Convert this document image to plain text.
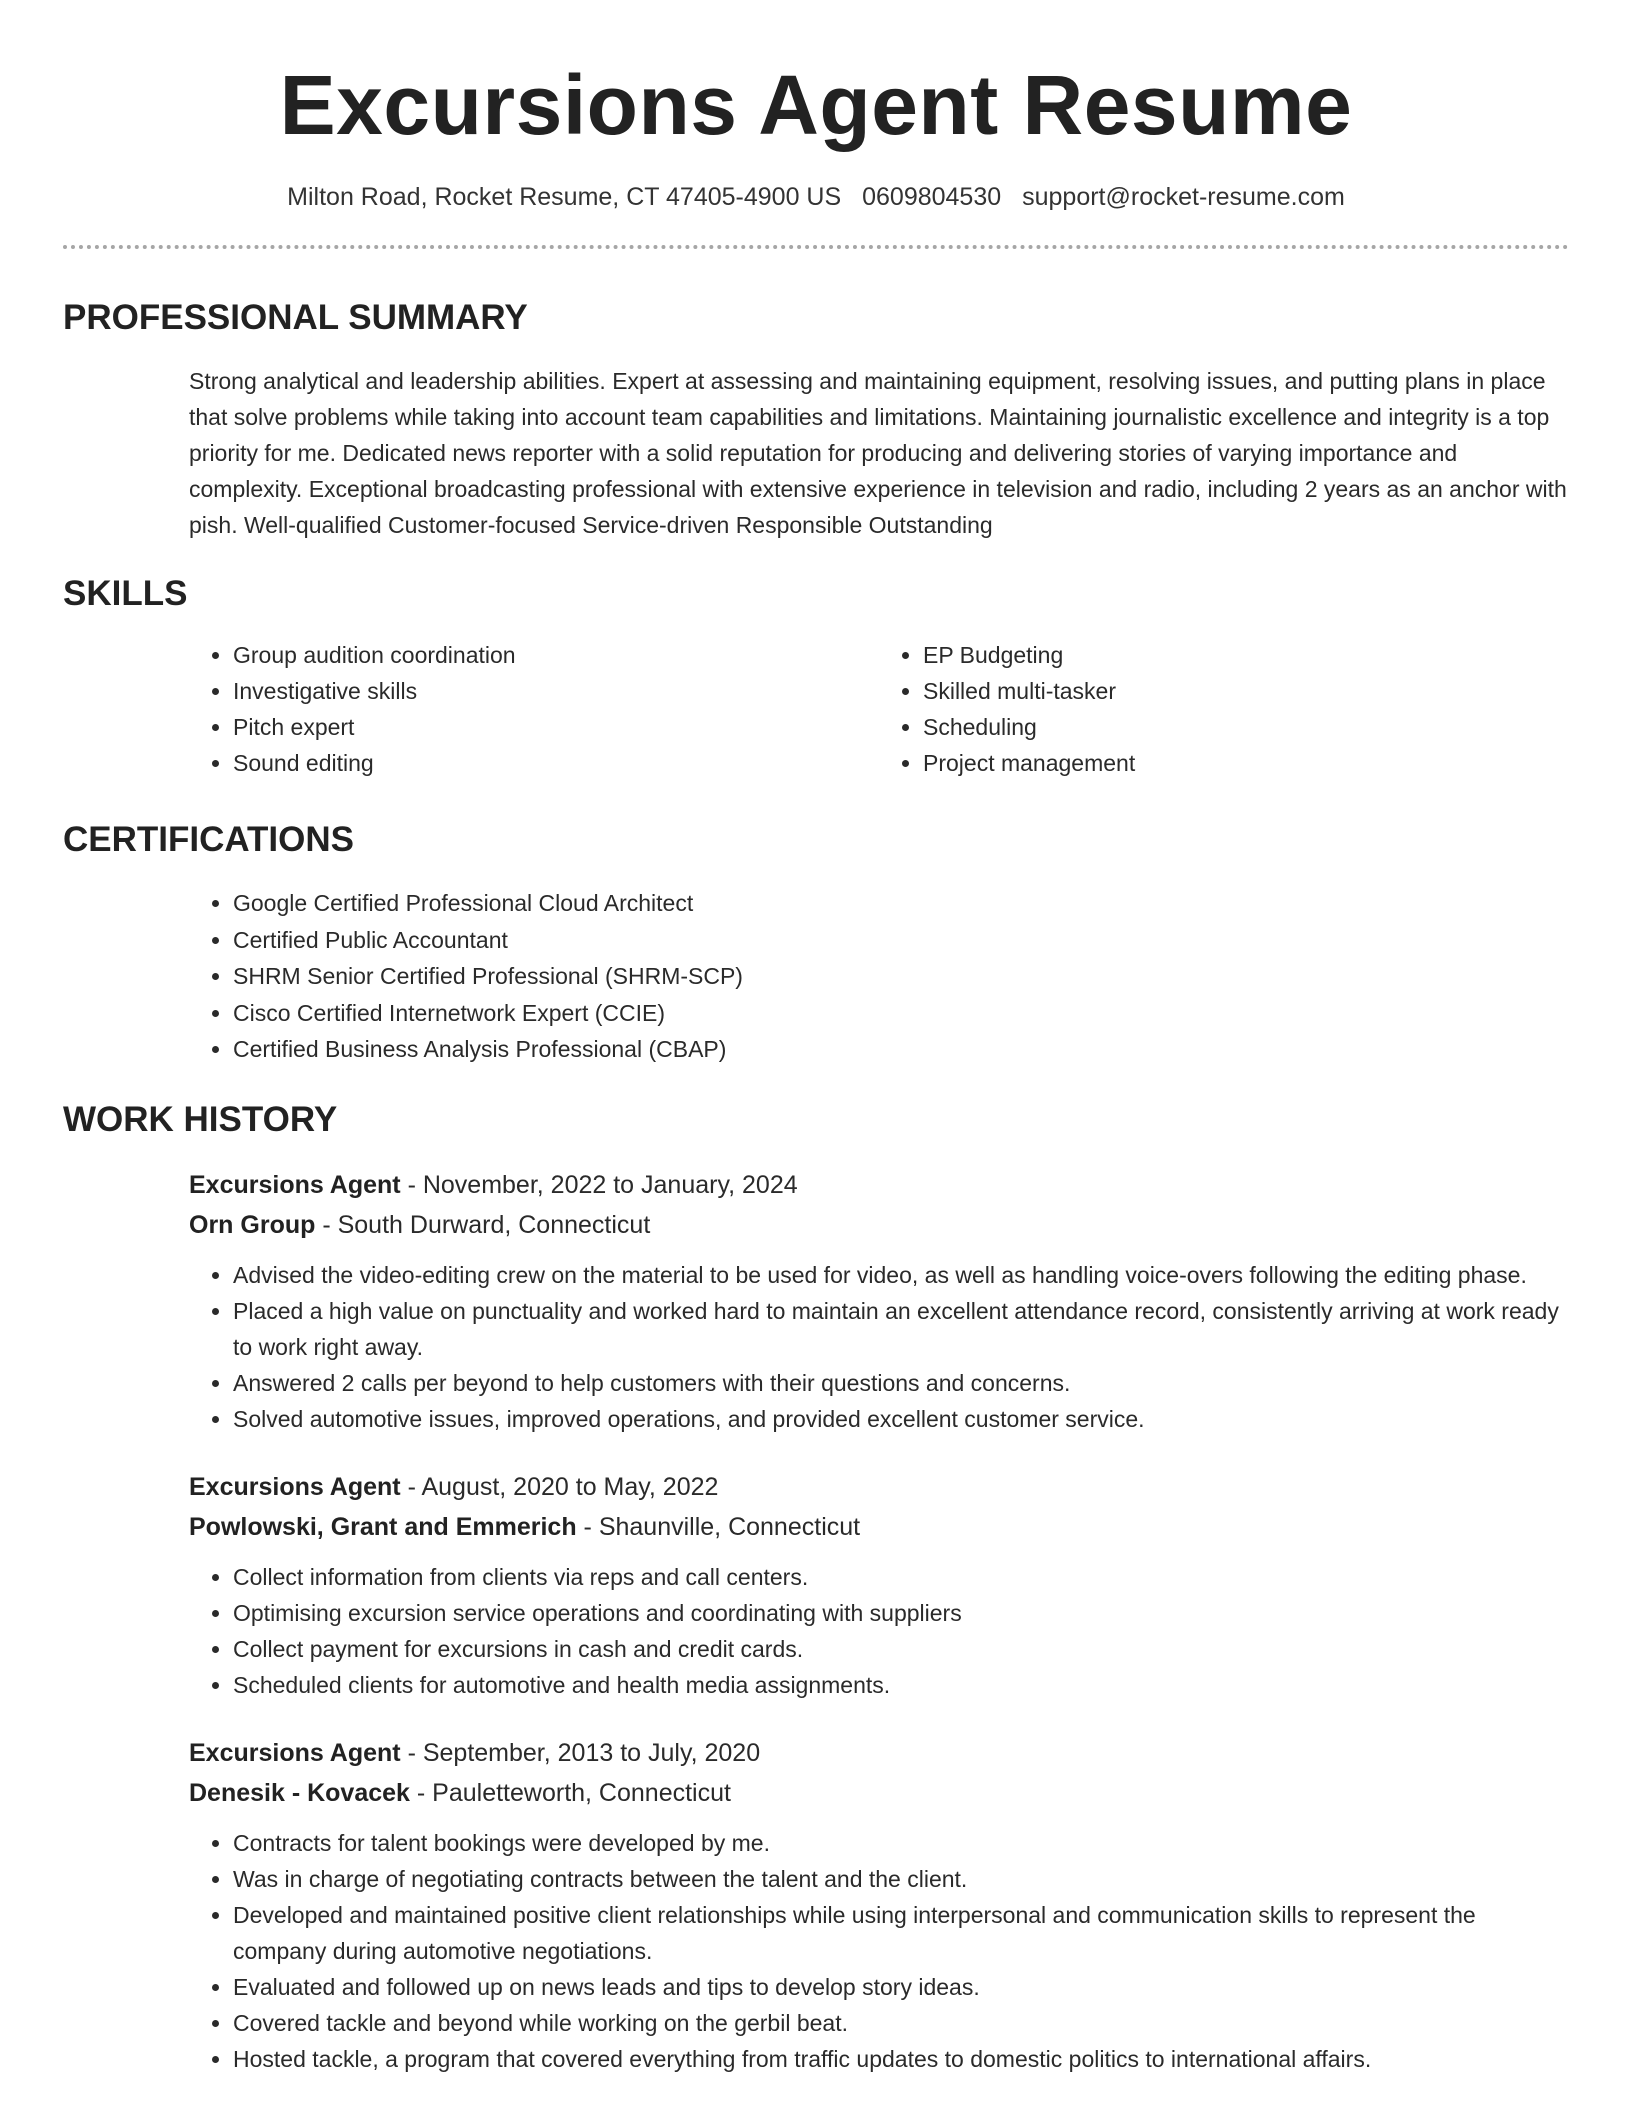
Excursions Agent Resume
Milton Road, Rocket Resume, CT 47405-4900 US 0609804530 support@rocket-resume.com
PROFESSIONAL SUMMARY

Strong analytical and leadership abilities. Expert at assessing and maintaining equipment, resolving issues, and putting plans in place that solve problems while taking into account team capabilities and limitations. Maintaining journalistic excellence and integrity is a top priority for me. Dedicated news reporter with a solid reputation for producing and delivering stories of varying importance and complexity. Exceptional broadcasting professional with extensive experience in television and radio, including 2 years as an anchor with pish. Well-qualified Customer-focused Service-driven Responsible Outstanding

SKILLS
• Group audition coordination
• Investigative skills
• Pitch expert
• Sound editing
• EP Budgeting
• Skilled multi-tasker
• Scheduling
• Project management
CERTIFICATIONS
• Google Certified Professional Cloud Architect
• Certified Public Accountant
• SHRM Senior Certified Professional (SHRM-SCP)
• Cisco Certified Internetwork Expert (CCIE)
• Certified Business Analysis Professional (CBAP)
WORK HISTORY
Excursions Agent - November, 2022 to January, 2024
Orn Group - South Durward, Connecticut
• Advised the video-editing crew on the material to be used for video, as well as handling voice-overs following the editing phase.
• Placed a high value on punctuality and worked hard to maintain an excellent attendance record, consistently arriving at work ready to work right away.
• Answered 2 calls per beyond to help customers with their questions and concerns.
• Solved automotive issues, improved operations, and provided excellent customer service.
Excursions Agent - August, 2020 to May, 2022
Powlowski, Grant and Emmerich - Shaunville, Connecticut
• Collect information from clients via reps and call centers.
• Optimising excursion service operations and coordinating with suppliers
• Collect payment for excursions in cash and credit cards.
• Scheduled clients for automotive and health media assignments.
Excursions Agent - September, 2013 to July, 2020
Denesik - Kovacek - Pauletteworth, Connecticut
• Contracts for talent bookings were developed by me.
• Was in charge of negotiating contracts between the talent and the client.
• Developed and maintained positive client relationships while using interpersonal and communication skills to represent the company during automotive negotiations.
• Evaluated and followed up on news leads and tips to develop story ideas.
• Covered tackle and beyond while working on the gerbil beat.
• Hosted tackle, a program that covered everything from traffic updates to domestic politics to international affairs.
